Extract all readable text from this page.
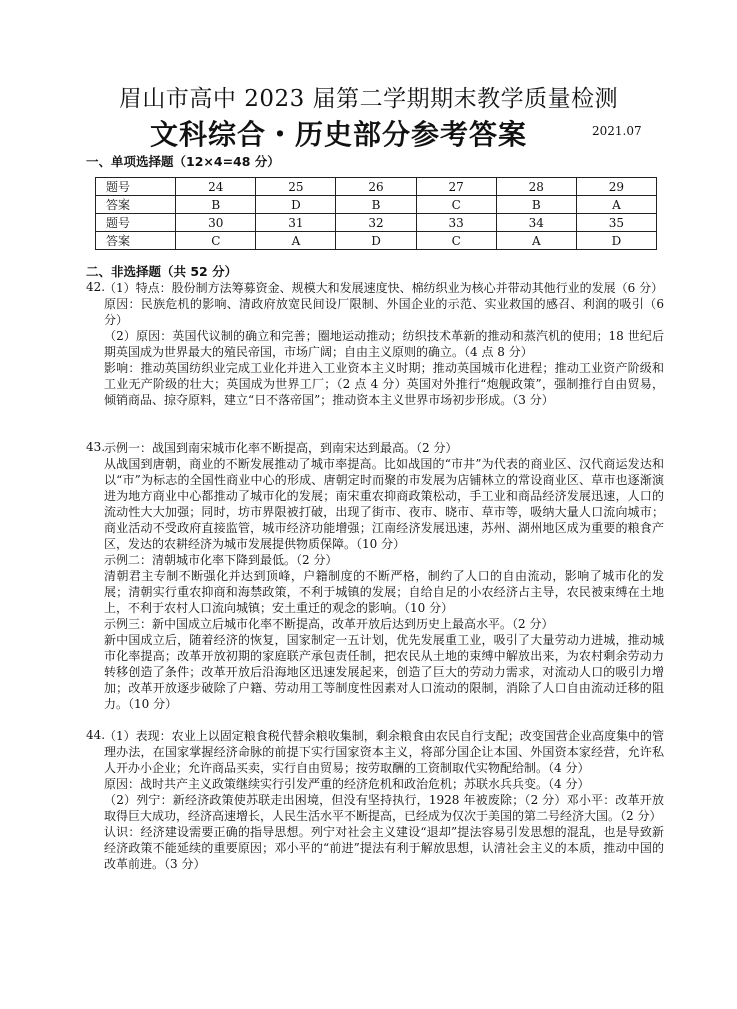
眉山市高中 2023 届第二学期期末教学质量检测
文科综合・历史部分参考答案	2021.07
一、单项选择题（12×4=48 分）
题号	24	25	26	27	28	29
答案	B	D	B	C	B	A
题号	30	31	32	33	34	35
答案	C	A	D	C	A	D
二、非选择题（共 52 分）
42.

（1）特点：股份制方法筹募资金、规模大和发展速度快、棉纺织业为核心并带动其他行业的发展（6 分）

原因：民族危机的影响、清政府放宽民间设厂限制、外国企业的示范、实业救国的感召、利润的吸引（6 分）

（2）原因：英国代议制的确立和完善；圈地运动推动；纺织技术革新的推动和蒸汽机的使用；18 世纪后期英国成为世界最大的殖民帝国，市场广阔；自由主义原则的确立。（4 点 8 分）

影响：推动英国纺织业完成工业化并进入工业资本主义时期；推动英国城市化进程；推动工业资产阶级和工业无产阶级的壮大；英国成为世界工厂；（2 点 4 分）英国对外推行“炮舰政策”，强制推行自由贸易，倾销商品、掠夺原料，建立“日不落帝国”；推动资本主义世界市场初步形成。（3 分）

43.

示例一：战国到南宋城市化率不断提高，到南宋达到最高。（2 分）

从战国到唐朝，商业的不断发展推动了城市率提高。比如战国的“市井”为代表的商业区、汉代商运发达和以“市”为标志的全国性商业中心的形成、唐朝定时而聚的市发展为店铺林立的常设商业区、草市也逐渐演进为地方商业中心都推动了城市化的发展；南宋重农抑商政策松动，手工业和商品经济发展迅速，人口的流动性大大加强；同时，坊市界限被打破，出现了街市、夜市、晓市、草市等，吸纳大量人口流向城市；商业活动不受政府直接监管，城市经济功能增强；江南经济发展迅速，苏州、湖州地区成为重要的粮食产区，发达的农耕经济为城市发展提供物质保障。（10 分）

示例二：清朝城市化率下降到最低。（2 分）

清朝君主专制不断强化并达到顶峰，户籍制度的不断严格，制约了人口的自由流动，影响了城市化的发展；清朝实行重农抑商和海禁政策，不利于城镇的发展；自给自足的小农经济占主导，农民被束缚在土地上，不利于农村人口流向城镇；安土重迁的观念的影响。（10 分）

示例三：新中国成立后城市化率不断提高，改革开放后达到历史上最高水平。（2 分）

新中国成立后，随着经济的恢复，国家制定一五计划，优先发展重工业，吸引了大量劳动力进城，推动城市化率提高；改革开放初期的家庭联产承包责任制，把农民从土地的束缚中解放出来，为农村剩余劳动力转移创造了条件；改革开放后沿海地区迅速发展起来，创造了巨大的劳动力需求，对流动人口的吸引力增加；改革开放逐步破除了户籍、劳动用工等制度性因素对人口流动的限制，消除了人口自由流动迁移的阻力。（10 分）

44.

（1）表现：农业上以固定粮食税代替余粮收集制，剩余粮食由农民自行支配；改变国营企业高度集中的管理办法，在国家掌握经济命脉的前提下实行国家资本主义，将部分国企让本国、外国资本家经营，允许私人开办小企业；允许商品买卖，实行自由贸易；按劳取酬的工资制取代实物配给制。（4 分）

原因：战时共产主义政策继续实行引发严重的经济危机和政治危机；苏联水兵兵变。（4 分）

（2）列宁：新经济政策使苏联走出困境，但没有坚持执行，1928 年被废除；（2 分）邓小平：改革开放取得巨大成功，经济高速增长，人民生活水平不断提高，已经成为仅次于美国的第二号经济大国。（2 分）

认识：经济建设需要正确的指导思想。列宁对社会主义建设“退却”提法容易引发思想的混乱，也是导致新经济政策不能延续的重要原因；邓小平的“前进”提法有利于解放思想，认清社会主义的本质，推动中国的改革前进。（3 分）
